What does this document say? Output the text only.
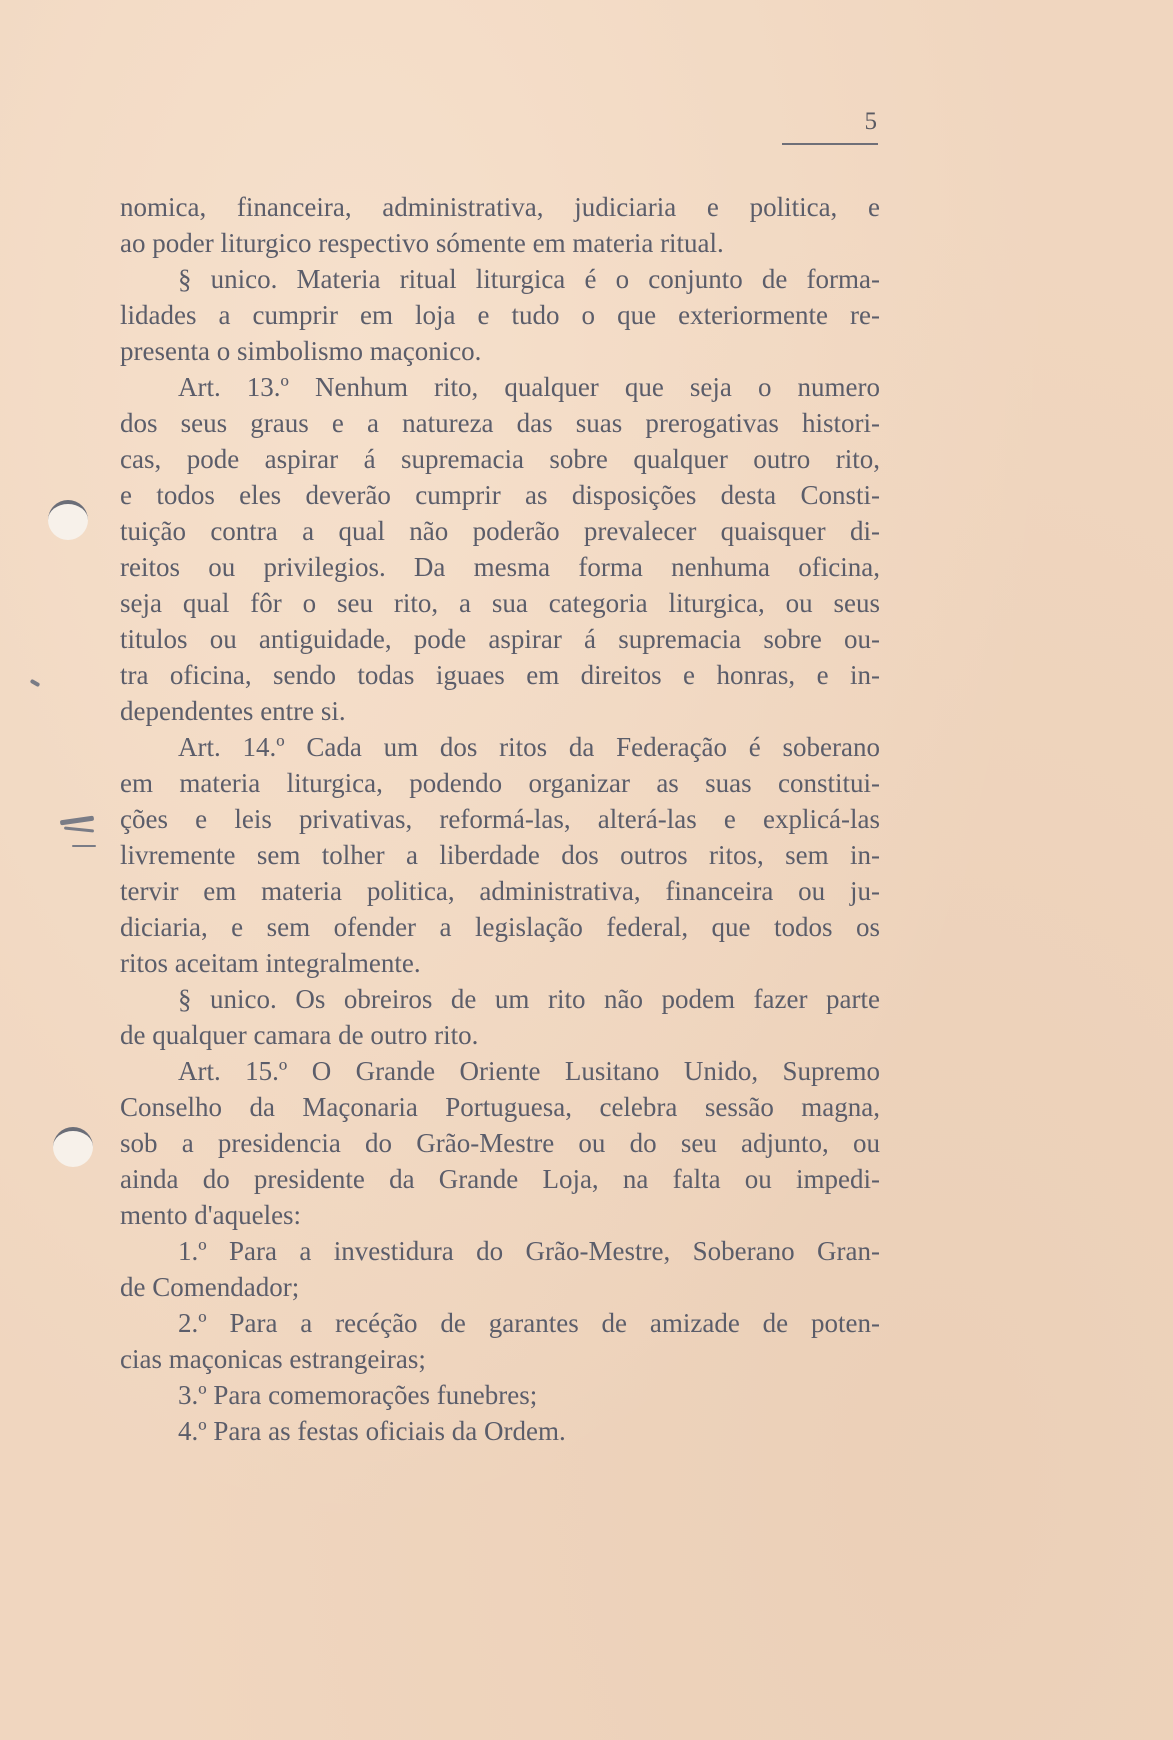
5
nomica, financeira, administrativa, judiciaria e politica, e
ao poder liturgico respectivo sómente em materia ritual.
§ unico. Materia ritual liturgica é o conjunto de forma-
lidades a cumprir em loja e tudo o que exteriormente re-
presenta o simbolismo maçonico.
Art. 13.º Nenhum rito, qualquer que seja o numero
dos seus graus e a natureza das suas prerogativas histori-
cas, pode aspirar á supremacia sobre qualquer outro rito,
e todos eles deverão cumprir as disposições desta Consti-
tuição contra a qual não poderão prevalecer quaisquer di-
reitos ou privilegios. Da mesma forma nenhuma oficina,
seja qual fôr o seu rito, a sua categoria liturgica, ou seus
titulos ou antiguidade, pode aspirar á supremacia sobre ou-
tra oficina, sendo todas iguaes em direitos e honras, e in-
dependentes entre si.
Art. 14.º Cada um dos ritos da Federação é soberano
em materia liturgica, podendo organizar as suas constitui-
ções e leis privativas, reformá-las, alterá-las e explicá-las
livremente sem tolher a liberdade dos outros ritos, sem in-
tervir em materia politica, administrativa, financeira ou ju-
diciaria, e sem ofender a legislação federal, que todos os
ritos aceitam integralmente.
§ unico. Os obreiros de um rito não podem fazer parte
de qualquer camara de outro rito.
Art. 15.º O Grande Oriente Lusitano Unido, Supremo
Conselho da Maçonaria Portuguesa, celebra sessão magna,
sob a presidencia do Grão-Mestre ou do seu adjunto, ou
ainda do presidente da Grande Loja, na falta ou impedi-
mento d'aqueles:
1.º Para a investidura do Grão-Mestre, Soberano Gran-
de Comendador;
2.º Para a recéção de garantes de amizade de poten-
cias maçonicas estrangeiras;
3.º Para comemorações funebres;
4.º Para as festas oficiais da Ordem.
